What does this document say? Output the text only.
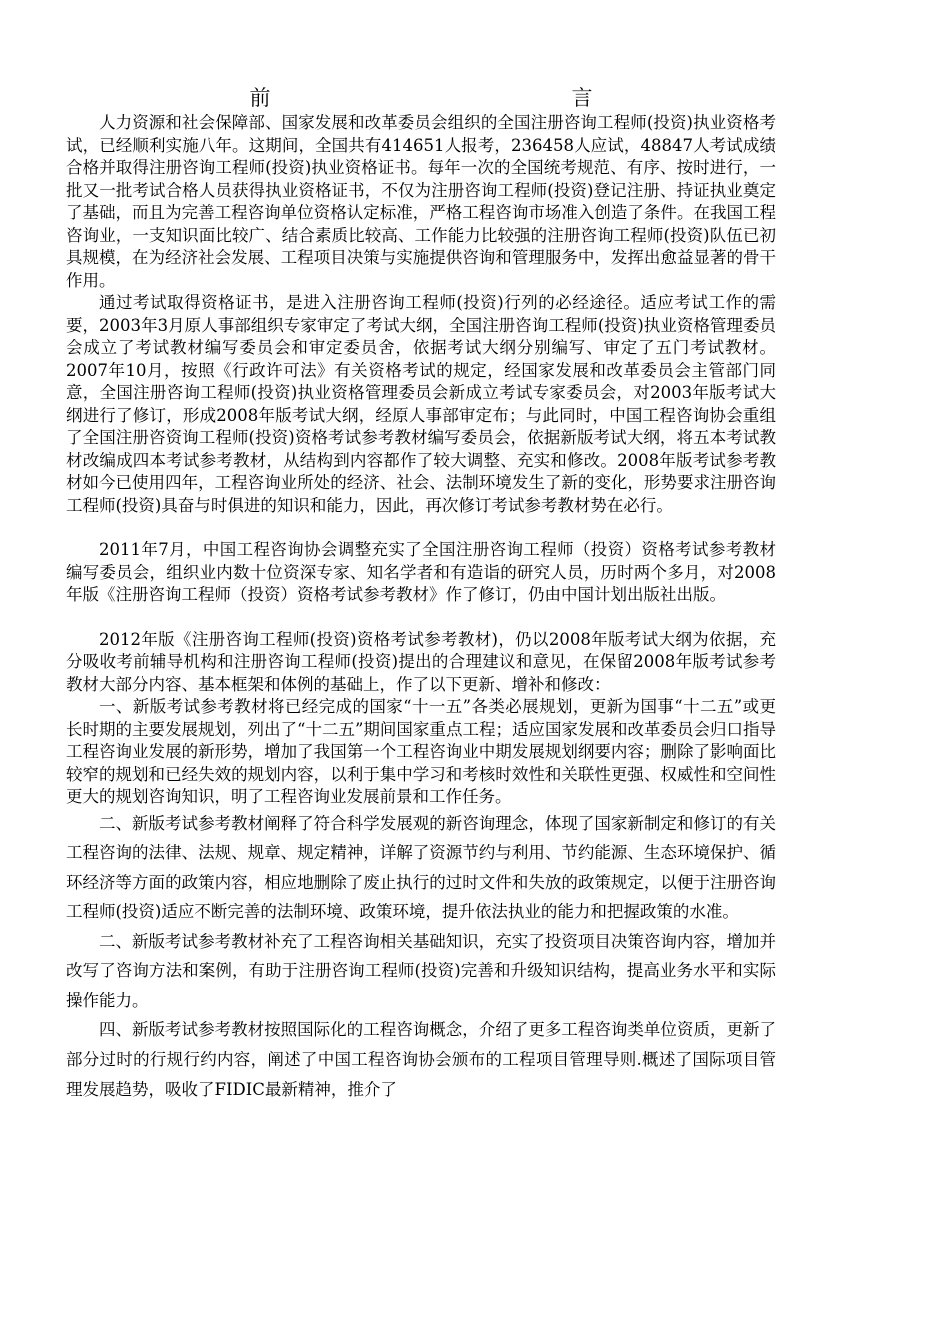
前　言

人力资源和社会保障部、国家发展和改革委员会组织的全国注册咨询工程师(投资)执业资格考试，已经顺利实施八年。这期间，全国共有414651人报考，236458人应试，48847人考试成绩合格并取得注册咨询工程师(投资)执业资格证书。每年一次的全国统考规范、有序、按时进行，一批又一批考试合格人员获得执业资格证书，不仅为注册咨询工程师(投资)登记注册、持证执业奠定了基础，而且为完善工程咨询单位资格认定标准，严格工程咨询市场准入创造了条件。在我国工程咨询业，一支知识面比较广、结合素质比较高、工作能力比较强的注册咨询工程师(投资)队伍已初具规模，在为经济社会发展、工程项目决策与实施提供咨询和管理服务中，发挥出愈益显著的骨干作用。

通过考试取得资格证书，是进入注册咨询工程师(投资)行列的必经途径。适应考试工作的需要，2003年3月原人事部组织专家审定了考试大纲，全国注册咨询工程师(投资)执业资格管理委员会成立了考试教材编写委员会和审定委员舍，依据考试大纲分别编写、审定了五门考试教材。2007年10月，按照《行政许可法》有关资格考试的规定，经国家发展和改革委员会主管部门同意，全国注册咨询工程师(投资)执业资格管理委员会新成立考试专家委员会，对2003年版考试大纲进行了修订，形成2008年版考试大纲，经原人事部审定布；与此同时，中国工程咨询协会重组了全国注册咨资询工程师(投资)资格考试参考教材编写委员会，依据新版考试大纲，将五本考试教材改编成四本考试参考教材，从结构到内容都作了较大调整、充实和修改。2008年版考试参考教材如今已使用四年，工程咨询业所处的经济、社会、法制环境发生了新的变化，形势要求注册咨询工程师(投资)具奋与时俱进的知识和能力，因此，再次修订考试参考教材势在必行。

2011年7月，中国工程咨询协会调整充实了全国注册咨询工程师（投资）资格考试参考教材编写委员会，组织业内数十位资深专家、知名学者和有造诣的研究人员，历时两个多月，对2008年版《注册咨询工程师（投资）资格考试参考教材》作了修订，仍由中国计划出版社出版。

2012年版《注册咨询工程师(投资)资格考试参考教材)，仍以2008年版考试大纲为依据，充分吸收考前辅导机构和注册咨询工程师(投资)提出的合理建议和意见，在保留2008年版考试参考教材大部分内容、基本框架和体例的基础上，作了以下更新、增补和修改：

一、新版考试参考教材将已经完成的国家“十一五”各类必展规划，更新为国事“十二五”或更长时期的主要发展规划，列出了“十二五”期间国家重点工程；适应国家发展和改革委员会归口指导工程咨询业发展的新形势，增加了我国第一个工程咨询业中期发展规划纲要内容；删除了影响面比较窄的规划和已经失效的规划内容，以利于集中学习和考核时效性和关联性更强、权威性和空间性更大的规划咨询知识，明了工程咨询业发展前景和工作任务。

二、新版考试参考教材阐释了符合科学发展观的新咨询理念，体现了国家新制定和修订的有关工程咨询的法律、法规、规章、规定精神，详解了资源节约与利用、节约能源、生态环境保护、循环经济等方面的政策内容，相应地删除了废止执行的过时文件和失放的政策规定，以便于注册咨询工程师(投资)适应不断完善的法制环境、政策环境，提升依法执业的能力和把握政策的水准。

二、新版考试参考教材补充了工程咨询相关基础知识，充实了投资项目决策咨询内容，增加并改写了咨询方法和案例，有助于注册咨询工程师(投资)完善和升级知识结构，提高业务水平和实际操作能力。

四、新版考试参考教材按照国际化的工程咨询概念，介绍了更多工程咨询类单位资质，更新了部分过时的行规行约内容，阐述了中国工程咨询协会颁布的工程项目管理导则.概述了国际项目管理发展趋势，吸收了FIDIC最新精神，推介了
